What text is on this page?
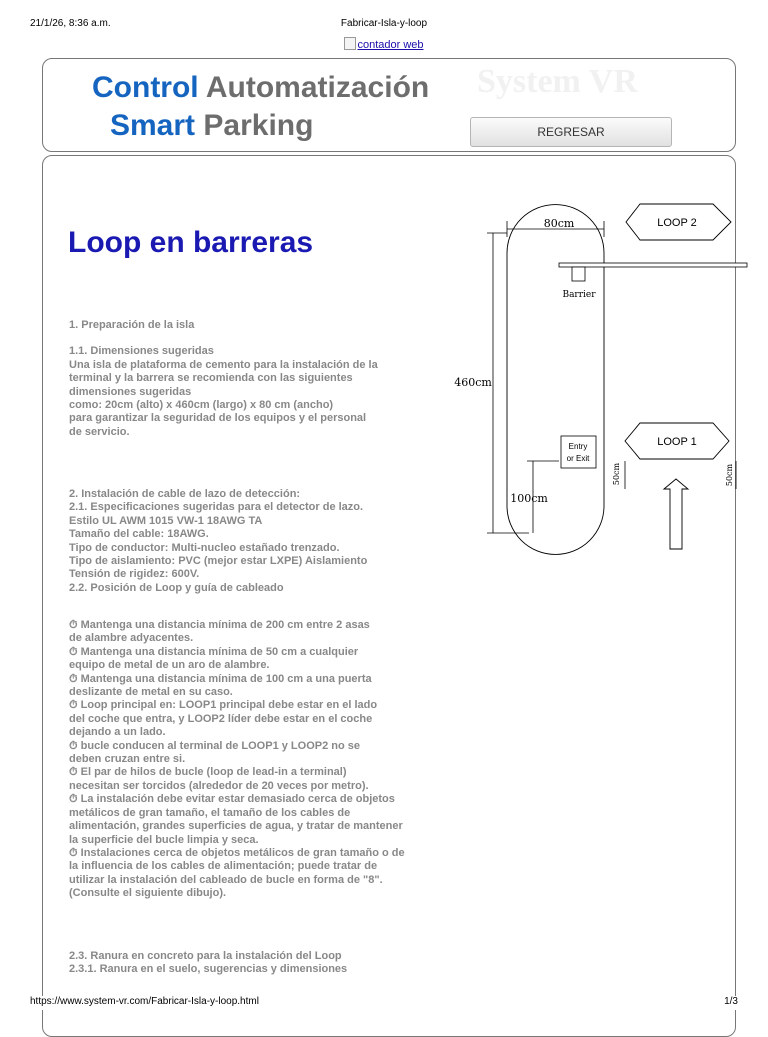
21/1/26, 8:36 a.m.	Fabricar-Isla-y-loop
contador web
System VR
Control Automatización
Smart Parking	REGRESAR
Loop en barreras

1. Preparación de la isla

1.1. Dimensiones sugeridas

Una isla de plataforma de cemento para la instalación de la

terminal y la barrera se recomienda con las siguientes

dimensiones sugeridas

como: 20cm (alto) x 460cm (largo) x 80 cm (ancho)

para garantizar la seguridad de los equipos y el personal

de servicio.

2. Instalación de cable de lazo de detección:

2.1. Especificaciones sugeridas para el detector de lazo.

Estilo UL AWM 1015 VW-1 18AWG TA

Tamaño del cable: 18AWG.

Tipo de conductor: Multi-nucleo estañado trenzado.

Tipo de aislamiento: PVC (mejor estar LXPE) Aislamiento

Tensión de rigidez: 600V.

2.2. Posición de Loop y guía de cableado

⏱ Mantenga una distancia mínima de 200 cm entre 2 asas

de alambre adyacentes.

⏱ Mantenga una distancia mínima de 50 cm a cualquier

equipo de metal de un aro de alambre.

⏱ Mantenga una distancia mínima de 100 cm a una puerta

deslizante de metal en su caso.

⏱ Loop principal en: LOOP1 principal debe estar en el lado

del coche que entra, y LOOP2 líder debe estar en el coche

dejando a un lado.

⏱ bucle conducen al terminal de LOOP1 y LOOP2 no se

deben cruzan entre si.

⏱ El par de hilos de bucle (loop de lead-in a terminal)

necesitan ser torcidos (alrededor de 20 veces por metro).

⏱ La instalación debe evitar estar demasiado cerca de objetos

metálicos de gran tamaño, el tamaño de los cables de

alimentación, grandes superficies de agua, y tratar de mantener

la superficie del bucle limpia y seca.

⏱ Instalaciones cerca de objetos metálicos de gran tamaño o de

la influencia de los cables de alimentación; puede tratar de

utilizar la instalación del cableado de bucle en forma de "8".

(Consulte el siguiente dibujo).

2.3. Ranura en concreto para la instalación del Loop

2.3.1. Ranura en el suelo, sugerencias y dimensiones

80cm
460cm
100cm
Barrier
Entry
or Exit
LOOP 2
LOOP 1
50cm	50cm
https://www.system-vr.com/Fabricar-Isla-y-loop.html	1/3
